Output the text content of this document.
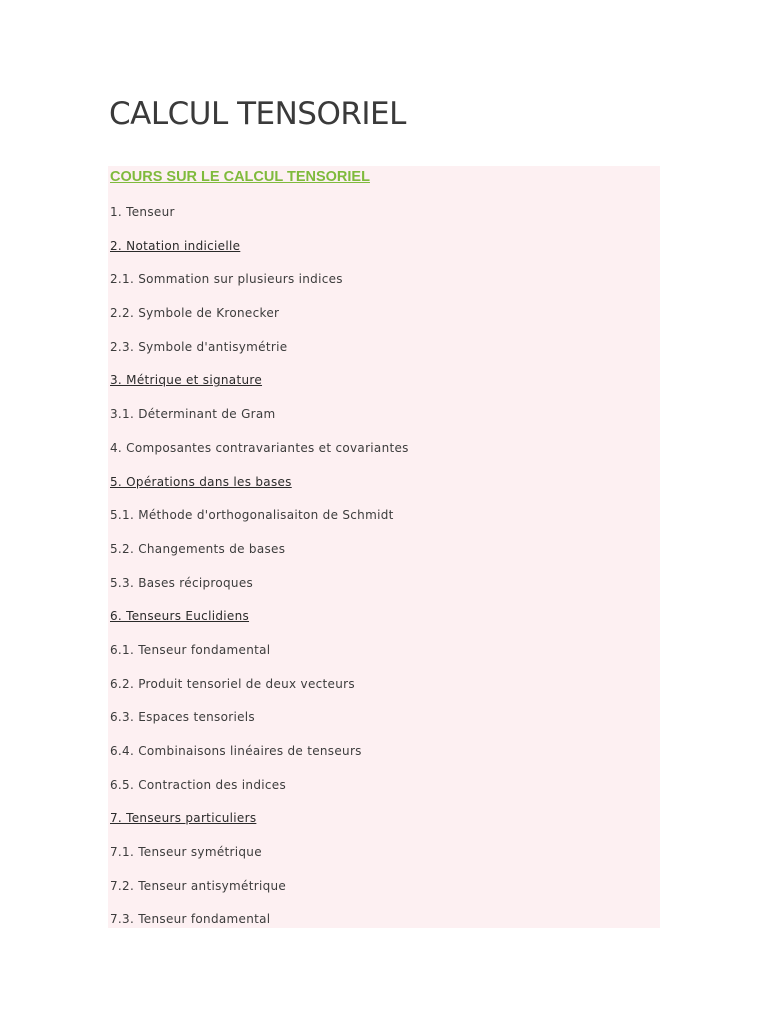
CALCUL TENSORIEL
COURS SUR LE CALCUL TENSORIEL
1. Tenseur
2. Notation indicielle
2.1. Sommation sur plusieurs indices
2.2. Symbole de Kronecker
2.3. Symbole d'antisymétrie
3. Métrique et signature
3.1. Déterminant de Gram
4. Composantes contravariantes et covariantes
5. Opérations dans les bases
5.1. Méthode d'orthogonalisaiton de Schmidt
5.2. Changements de bases
5.3. Bases réciproques
6. Tenseurs Euclidiens
6.1. Tenseur fondamental
6.2. Produit tensoriel de deux vecteurs
6.3. Espaces tensoriels
6.4. Combinaisons linéaires de tenseurs
6.5. Contraction des indices
7. Tenseurs particuliers
7.1. Tenseur symétrique
7.2. Tenseur antisymétrique
7.3. Tenseur fondamental
